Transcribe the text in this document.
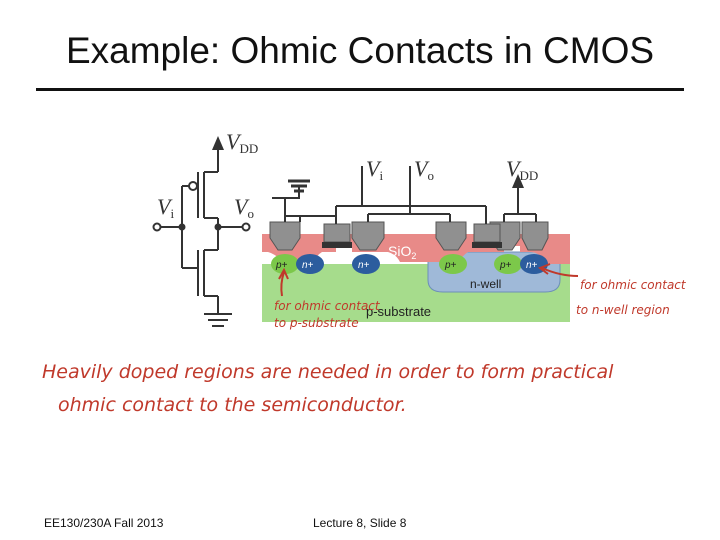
Example: Ohmic Contacts in CMOS
VDD
Vi	Vo
SiO$_2$
p+ n+	n+	p+	p+ n+
n-well
p-substrate
Vi Vo	VDD
for ohmic contact
to p-substrate
for ohmic contact
to n-well region
Heavily doped regions are needed in order to form practical
ohmic contact to the semiconductor.
EE130/230A Fall 2013	Lecture 8, Slide 8
